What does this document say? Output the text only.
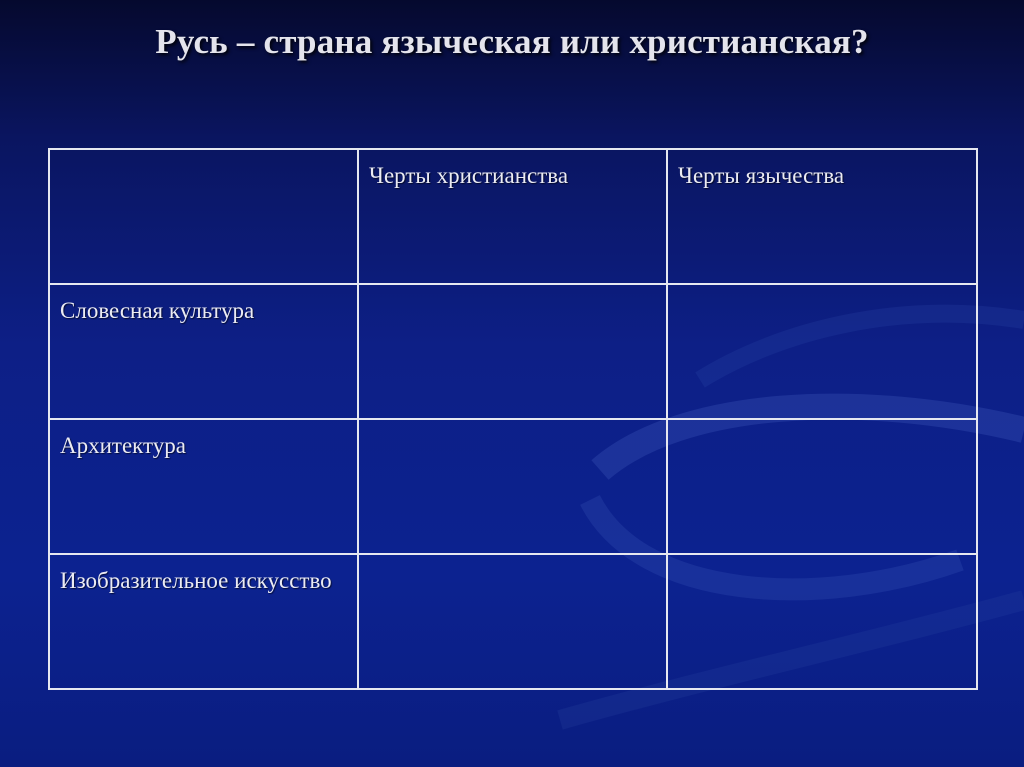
Русь – страна языческая или христианская?
	Черты христианства	Черты язычества
Словесная культура		
Архитектура		
Изобразительное искусство		
